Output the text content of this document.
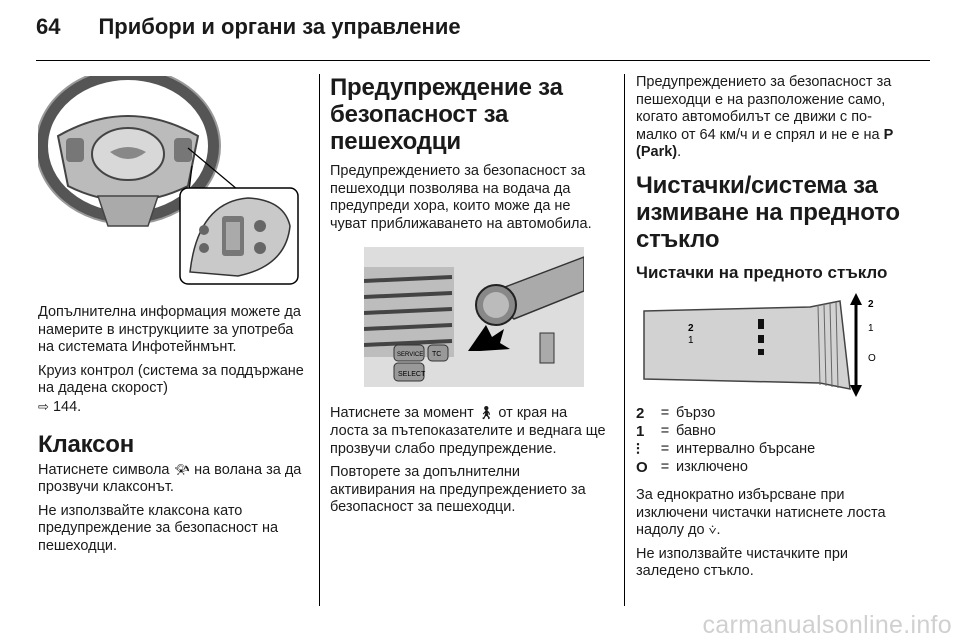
64 Прибори и органи за управление

Допълнителна информация можете да намерите в инструкциите за употреба на системата Инфотейнмънт.

Круиз контрол (система за поддържане на дадена скорост)
⇨ 144.

Клаксон

Натиснете символа 📯︎ на волана за да прозвучи клаксонът.

Не използвайте клаксона като предупреждение за безопасност на пешеходци.

Предупреждение за безопасност за пешеходци

Предупреждението за безопасност за пешеходци позволява на водача да предупреди хора, които може да не чуват приближаването на автомобила.

SELECT
SERVICE TC

Натиснете за момент 🚶︎ от края на лоста за пътепоказателите и веднага ще прозвучи слабо предупреждение.

Повторете за допълнителни активирания на предупреждението за безопасност за пешеходци.

Предупреждението за безопасност за пешеходци е на разположение само, когато автомобилът се движи с по-малко от 64 км/ч и е спрял и не е на P (Park).

Чистачки/система за измиване на предното стъкло
Чистачки на предното стъкло
2
1
2
1
O
2	= бързо
1	= бавно
⫶	= интервално бърсане
O = изключено

За еднократно избърсване при изключени чистачки натиснете лоста надолу до ⩒.

Не използвайте чистачките при заледено стъкло.

carmanualsonline.info
